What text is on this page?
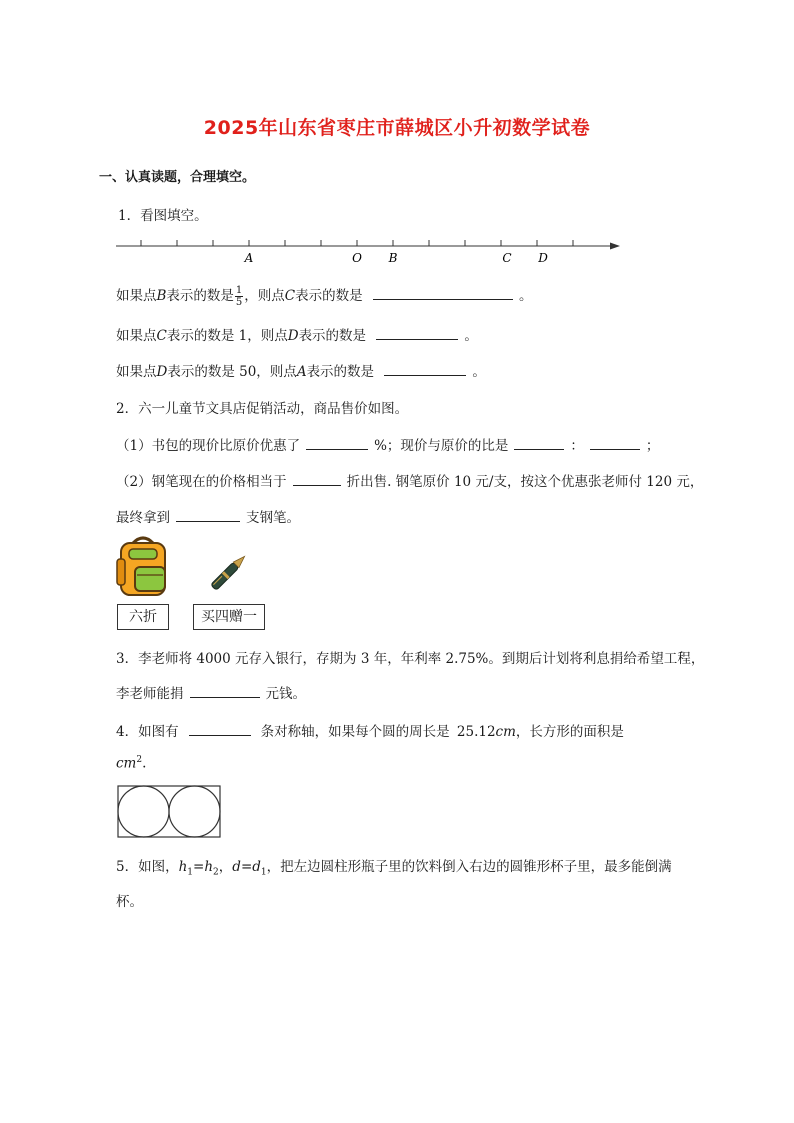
2025年山东省枣庄市薛城区小升初数学试卷
一、认真读题，合理填空。
1．看图填空。
A	O B	C D
如果点B表示的数是 $\frac{1}{5}$ ，则点C表示的数是	。
如果点C表示的数是 1，则点D表示的数是	。
如果点D表示的数是 50，则点A表示的数是	。
2．六一儿童节文具店促销活动，商品售价如图。
（1）书包的现价比原价优惠了	%；现价与原价的比是	：	；
（2）钢笔现在的价格相当于	折出售. 钢笔原价 10 元/支，按这个优惠张老师付 120 元，
最终拿到	支钢笔。
六折	买四赠一
3．李老师将 4000 元存入银行，存期为 3 年，年利率 2.75%。到期后计划将利息捐给希望工程，
李老师能捐	元钱。
4．如图有	条对称轴，如果每个圆的周长是 25.12cm，长方形的面积是
$cm^2$.
5．如图，$h_1=h_2$，$d=d_1$，把左边圆柱形瓶子里的饮料倒入右边的圆锥形杯子里，最多能倒满
杯。
